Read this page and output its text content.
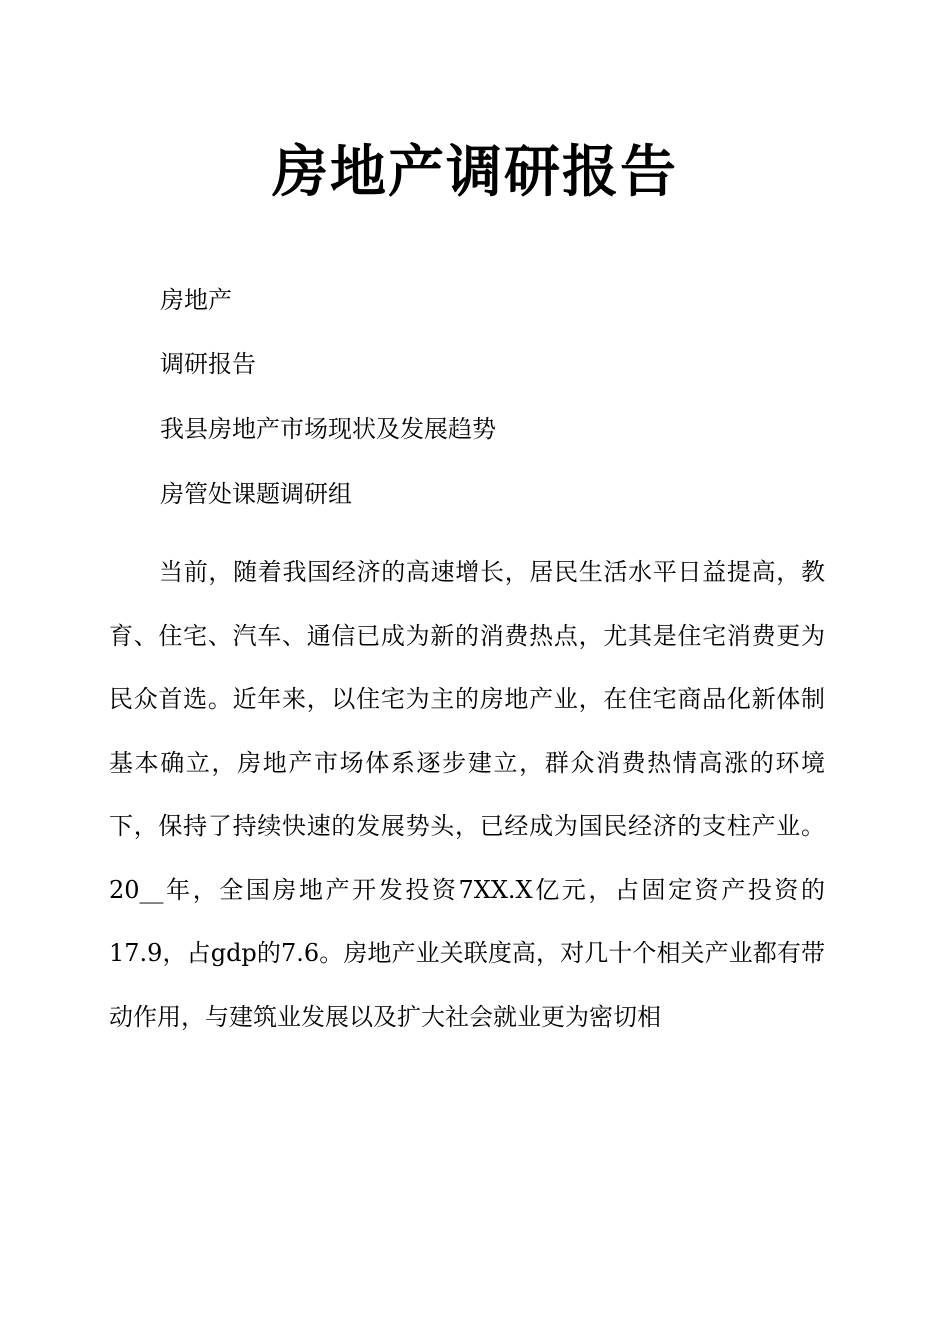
房地产调研报告
房地产
调研报告
我县房地产市场现状及发展趋势
房管处课题调研组

当前，随着我国经济的高速增长，居民生活水平日益提高，教育、住宅、汽车、通信已成为新的消费热点，尤其是住宅消费更为民众首选。近年来，以住宅为主的房地产业，在住宅商品化新体制基本确立，房地产市场体系逐步建立，群众消费热情高涨的环境下，保持了持续快速的发展势头，已经成为国民经济的支柱产业。20__年，全国房地产开发投资7XX.X亿元，占固定资产投资的17.9，占gdp的7.6。房地产业关联度高，对几十个相关产业都有带动作用，与建筑业发展以及扩大社会就业更为密切相
